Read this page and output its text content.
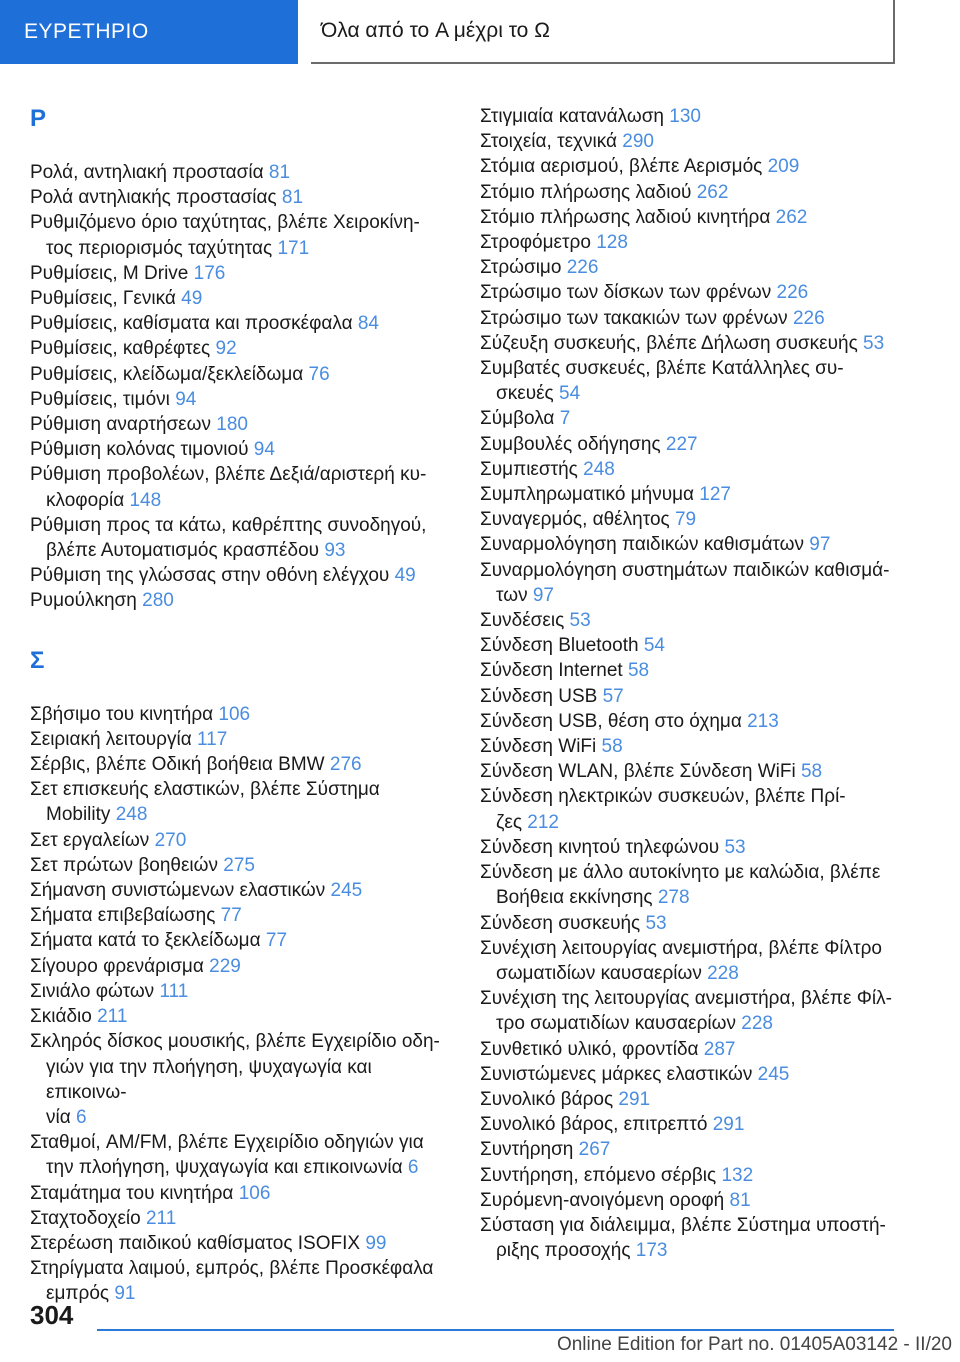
ΕΥΡΕΤΗΡΙΟ	Όλα από το A μέχρι το Ω
Ρ
Ρολά, αντηλιακή προστασία 81
Ρολά αντηλιακής προστασίας 81
Ρυθμιζόμενο όριο ταχύτητας, βλέπε Χειροκίνη-
τος περιορισμός ταχύτητας 171
Ρυθμίσεις, M Drive 176
Ρυθμίσεις, Γενικά 49
Ρυθμίσεις, καθίσματα και προσκέφαλα 84
Ρυθμίσεις, καθρέφτες 92
Ρυθμίσεις, κλείδωμα/ξεκλείδωμα 76
Ρυθμίσεις, τιμόνι 94
Ρύθμιση αναρτήσεων 180
Ρύθμιση κολόνας τιμονιού 94
Ρύθμιση προβολέων, βλέπε Δεξιά/αριστερή κυ-
κλοφορία 148
Ρύθμιση προς τα κάτω, καθρέπτης συνοδηγού,
βλέπε Αυτοματισμός κρασπέδου 93
Ρύθμιση της γλώσσας στην οθόνη ελέγχου 49
Ρυμούλκηση 280
Σ
Σβήσιμο του κινητήρα 106
Σειριακή λειτουργία 117
Σέρβις, βλέπε Οδική βοήθεια BMW 276
Σετ επισκευής ελαστικών, βλέπε Σύστημα
Mobility 248
Σετ εργαλείων 270
Σετ πρώτων βοηθειών 275
Σήμανση συνιστώμενων ελαστικών 245
Σήματα επιβεβαίωσης 77
Σήματα κατά το ξεκλείδωμα 77
Σίγουρο φρενάρισμα 229
Σινιάλο φώτων 111
Σκιάδιο 211
Σκληρός δίσκος μουσικής, βλέπε Εγχειρίδιο οδη-
γιών για την πλοήγηση, ψυχαγωγία και επικοινω-
νία 6
Σταθμοί, AM/FM, βλέπε Εγχειρίδιο οδηγιών για
την πλοήγηση, ψυχαγωγία και επικοινωνία 6
Σταμάτημα του κινητήρα 106
Σταχτοδοχείο 211
Στερέωση παιδικού καθίσματος ISOFIX 99
Στηρίγματα λαιμού, εμπρός, βλέπε Προσκέφαλα
εμπρός 91
Στιγμιαία κατανάλωση 130
Στοιχεία, τεχνικά 290
Στόμια αερισμού, βλέπε Αερισμός 209
Στόμιο πλήρωσης λαδιού 262
Στόμιο πλήρωσης λαδιού κινητήρα 262
Στροφόμετρο 128
Στρώσιμο 226
Στρώσιμο των δίσκων των φρένων 226
Στρώσιμο των τακακιών των φρένων 226
Σύζευξη συσκευής, βλέπε Δήλωση συσκευής 53
Συμβατές συσκευές, βλέπε Κατάλληλες συ-
σκευές 54
Σύμβολα 7
Συμβουλές οδήγησης 227
Συμπιεστής 248
Συμπληρωματικό μήνυμα 127
Συναγερμός, αθέλητος 79
Συναρμολόγηση παιδικών καθισμάτων 97
Συναρμολόγηση συστημάτων παιδικών καθισμά-
των 97
Συνδέσεις 53
Σύνδεση Bluetooth 54
Σύνδεση Internet 58
Σύνδεση USB 57
Σύνδεση USB, θέση στο όχημα 213
Σύνδεση WiFi 58
Σύνδεση WLAN, βλέπε Σύνδεση WiFi 58
Σύνδεση ηλεκτρικών συσκευών, βλέπε Πρί-
ζες 212
Σύνδεση κινητού τηλεφώνου 53
Σύνδεση με άλλο αυτοκίνητο με καλώδια, βλέπε
Βοήθεια εκκίνησης 278
Σύνδεση συσκευής 53
Συνέχιση λειτουργίας ανεμιστήρα, βλέπε Φίλτρο
σωματιδίων καυσαερίων 228
Συνέχιση της λειτουργίας ανεμιστήρα, βλέπε Φίλ-
τρο σωματιδίων καυσαερίων 228
Συνθετικό υλικό, φροντίδα 287
Συνιστώμενες μάρκες ελαστικών 245
Συνολικό βάρος 291
Συνολικό βάρος, επιτρεπτό 291
Συντήρηση 267
Συντήρηση, επόμενο σέρβις 132
Συρόμενη-ανοιγόμενη οροφή 81
Σύσταση για διάλειμμα, βλέπε Σύστημα υποστή-
ριξης προσοχής 173
304
Online Edition for Part no. 01405A03142 - II/20
